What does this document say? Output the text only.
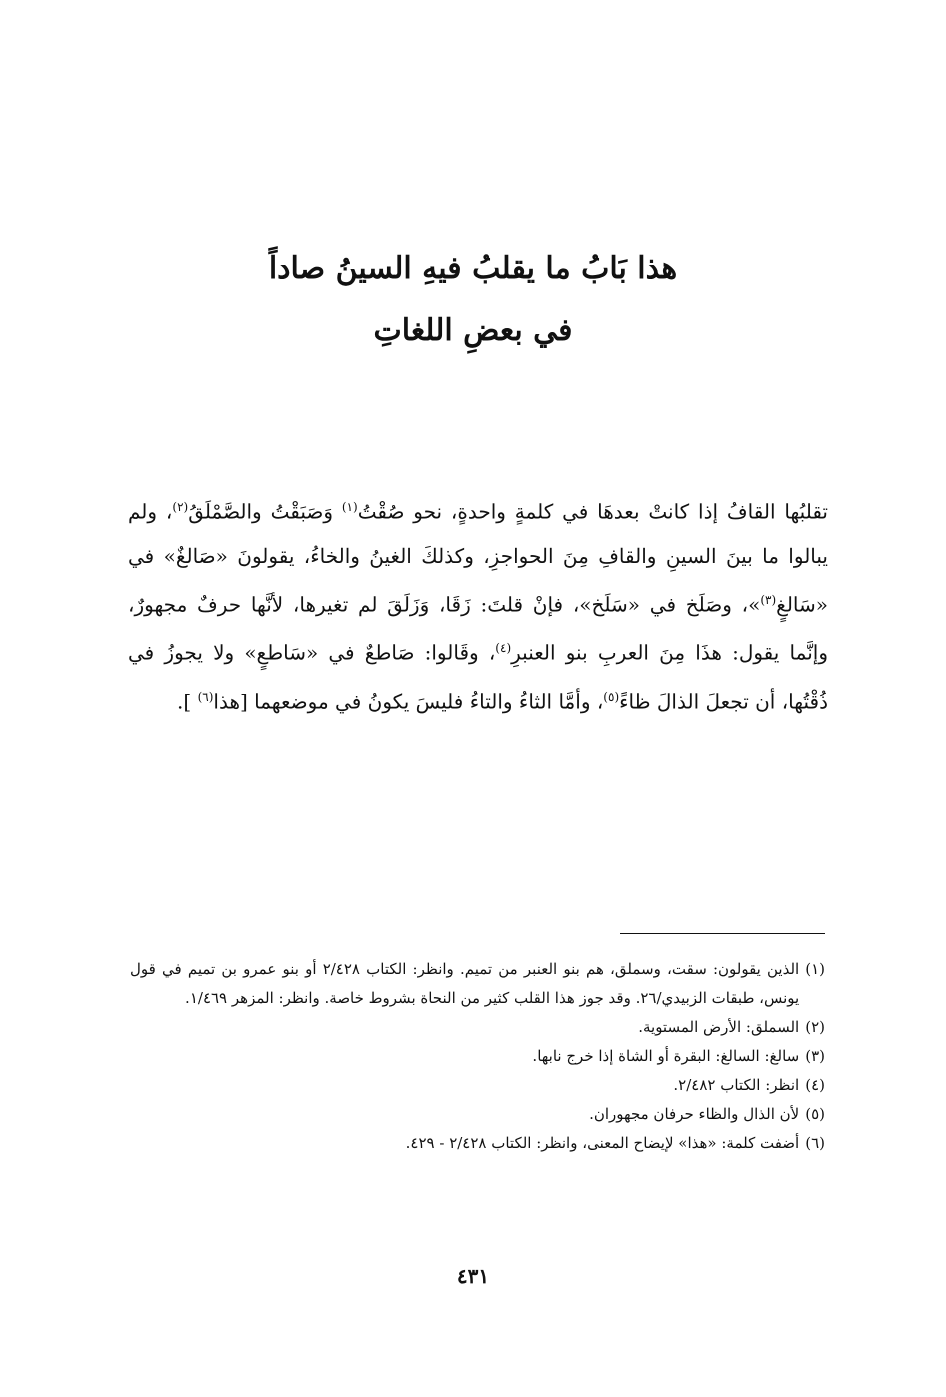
هذا بَابُ ما يقلبُ فيهِ السينُ صاداً
في بعضِ اللغاتِ

تقلبُها القافُ إذا كانتْ بعدهَا في كلمةٍ واحدةٍ، نحو صُقْتُ$^{(١)}$ وَصَبَقْتُ والصَّمْلَقُ$^{(٢)}$، ولم يبالوا ما بينَ السينِ والقافِ مِنَ الحواجزِ، وكذلكَ الغينُ والخاءُ، يقولونَ «صَالغٌ» في «سَالغٍ$^{(٣)}$»، وصَلَخ في «سَلَخ»، فإنْ قلتَ: زَقَا، وَزَلَقَ لم تغيرها، لأنَّها حرفٌ مجهورٌ، وإنَّما يقول: هذَا مِنَ العربِ بنو العنبرِ$^{(٤)}$، وقَالوا: صَاطعٌ في «سَاطعٍ» ولا يجوزُ في ذُقْتُها، أن تجعلَ الذالَ ظاءً$^{(٥)}$، وأمَّا الثاءُ والتاءُ فليسَ يكونُ في موضعهما [هذا$^{(٦)}$ ].

(١)
الذين يقولون: سقت، وسملق، هم بنو العنبر من تميم. وانظر: الكتاب ٢/٤٢٨ أو بنو عمرو بن تميم في قول يونس، طبقات الزبيدي/٢٦. وقد جوز هذا القلب كثير من النحاة بشروط خاصة. وانظر: المزهر ١/٤٦٩.
(٢)
السملق: الأرض المستوية.
(٣)
سالغ: السالغ: البقرة أو الشاة إذا خرج نابها.
(٤)
انظر: الكتاب ٢/٤٨٢.
(٥)
لأن الذال والظاء حرفان مجهوران.
(٦)
أضفت كلمة: «هذا» لإيضاح المعنى، وانظر: الكتاب ٢/٤٢٨ - ٤٢٩.
٤٣١
